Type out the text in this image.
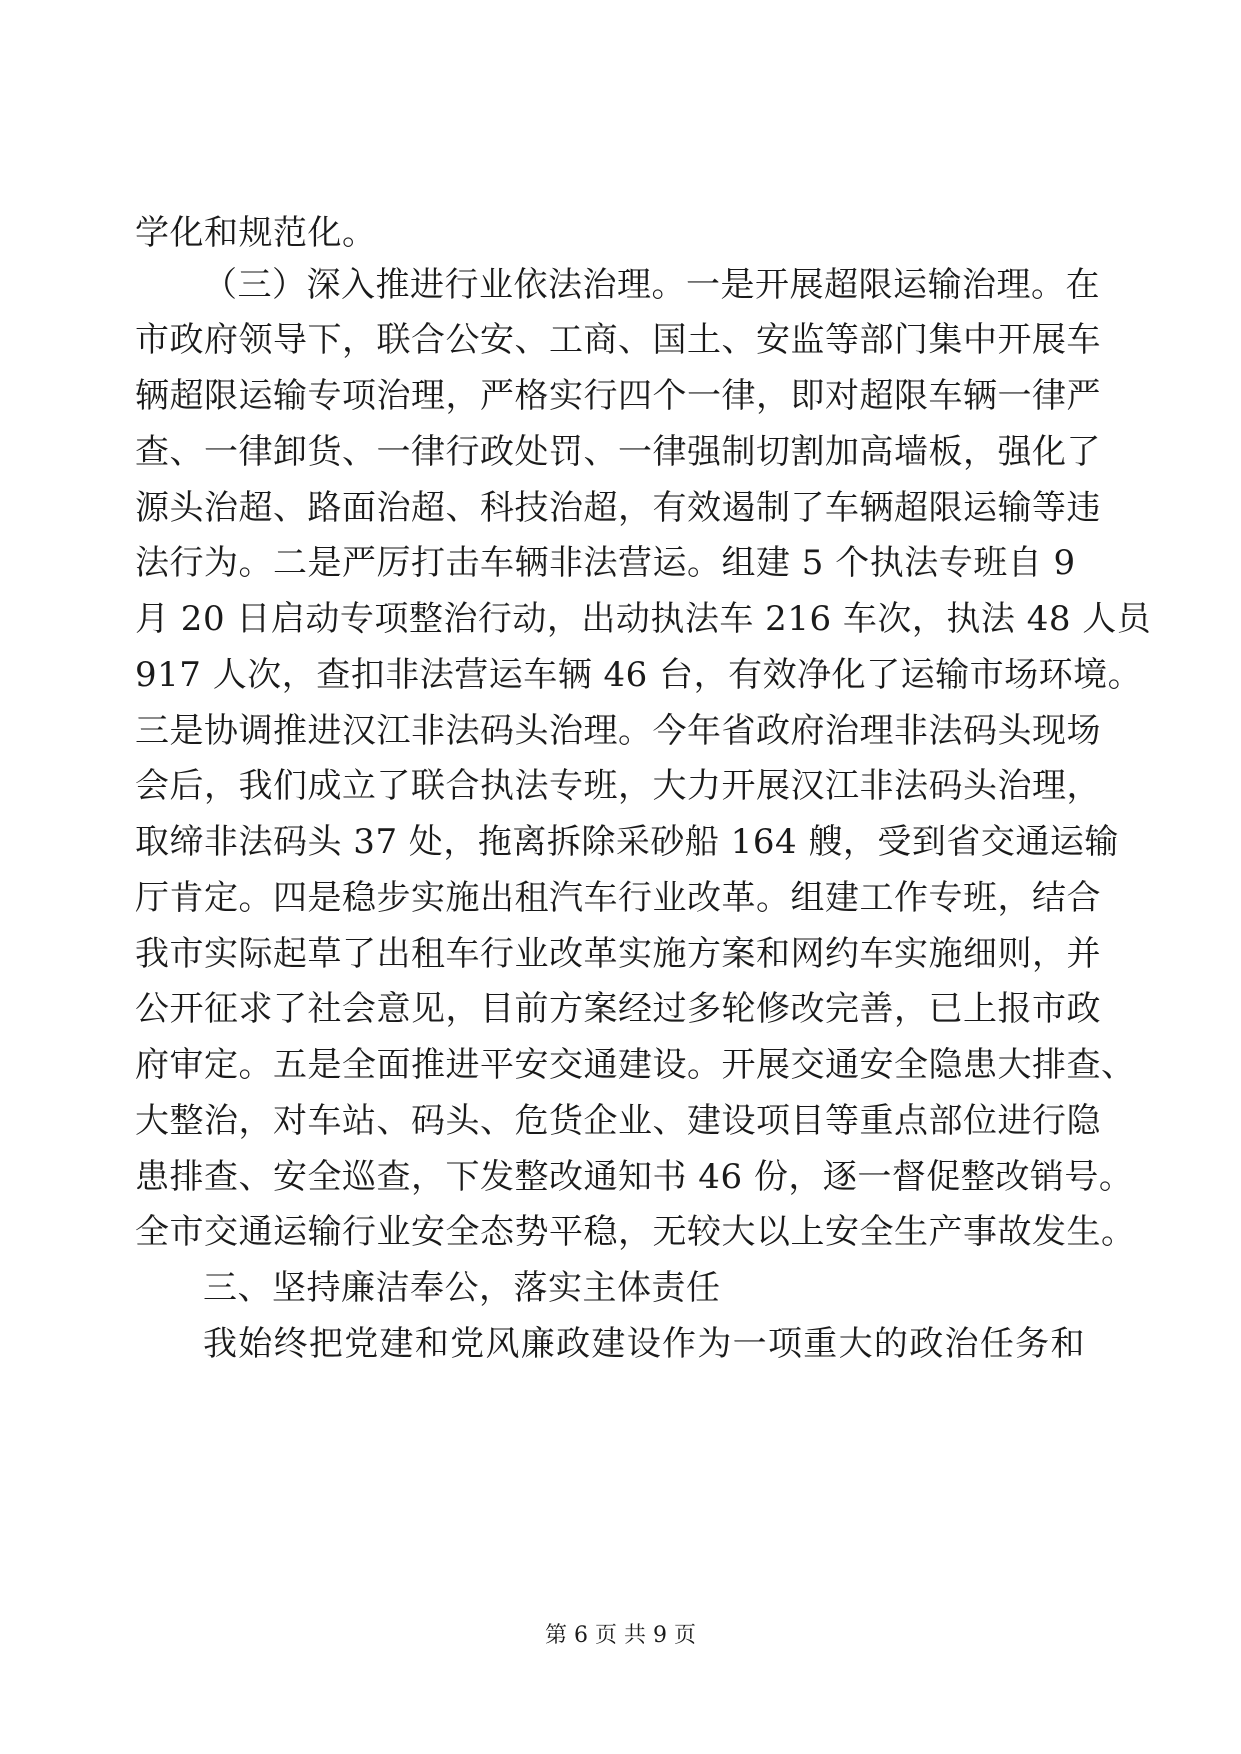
学化和规范化。
（三）深入推进行业依法治理。一是开展超限运输治理。在
市政府领导下，联合公安、工商、国土、安监等部门集中开展车
辆超限运输专项治理，严格实行四个一律，即对超限车辆一律严
查、一律卸货、一律行政处罚、一律强制切割加高墙板，强化了
源头治超、路面治超、科技治超，有效遏制了车辆超限运输等违
法行为。二是严厉打击车辆非法营运。组建 5 个执法专班自 9
月 20 日启动专项整治行动，出动执法车 216 车次，执法 48 人员
917 人次，查扣非法营运车辆 46 台，有效净化了运输市场环境。
三是协调推进汉江非法码头治理。今年省政府治理非法码头现场
会后，我们成立了联合执法专班，大力开展汉江非法码头治理，
取缔非法码头 37 处，拖离拆除采砂船 164 艘，受到省交通运输
厅肯定。四是稳步实施出租汽车行业改革。组建工作专班，结合
我市实际起草了出租车行业改革实施方案和网约车实施细则，并
公开征求了社会意见，目前方案经过多轮修改完善，已上报市政
府审定。五是全面推进平安交通建设。开展交通安全隐患大排查、
大整治，对车站、码头、危货企业、建设项目等重点部位进行隐
患排查、安全巡查，下发整改通知书 46 份，逐一督促整改销号。
全市交通运输行业安全态势平稳，无较大以上安全生产事故发生。
三、坚持廉洁奉公，落实主体责任
我始终把党建和党风廉政建设作为一项重大的政治任务和
第 6 页 共 9 页
